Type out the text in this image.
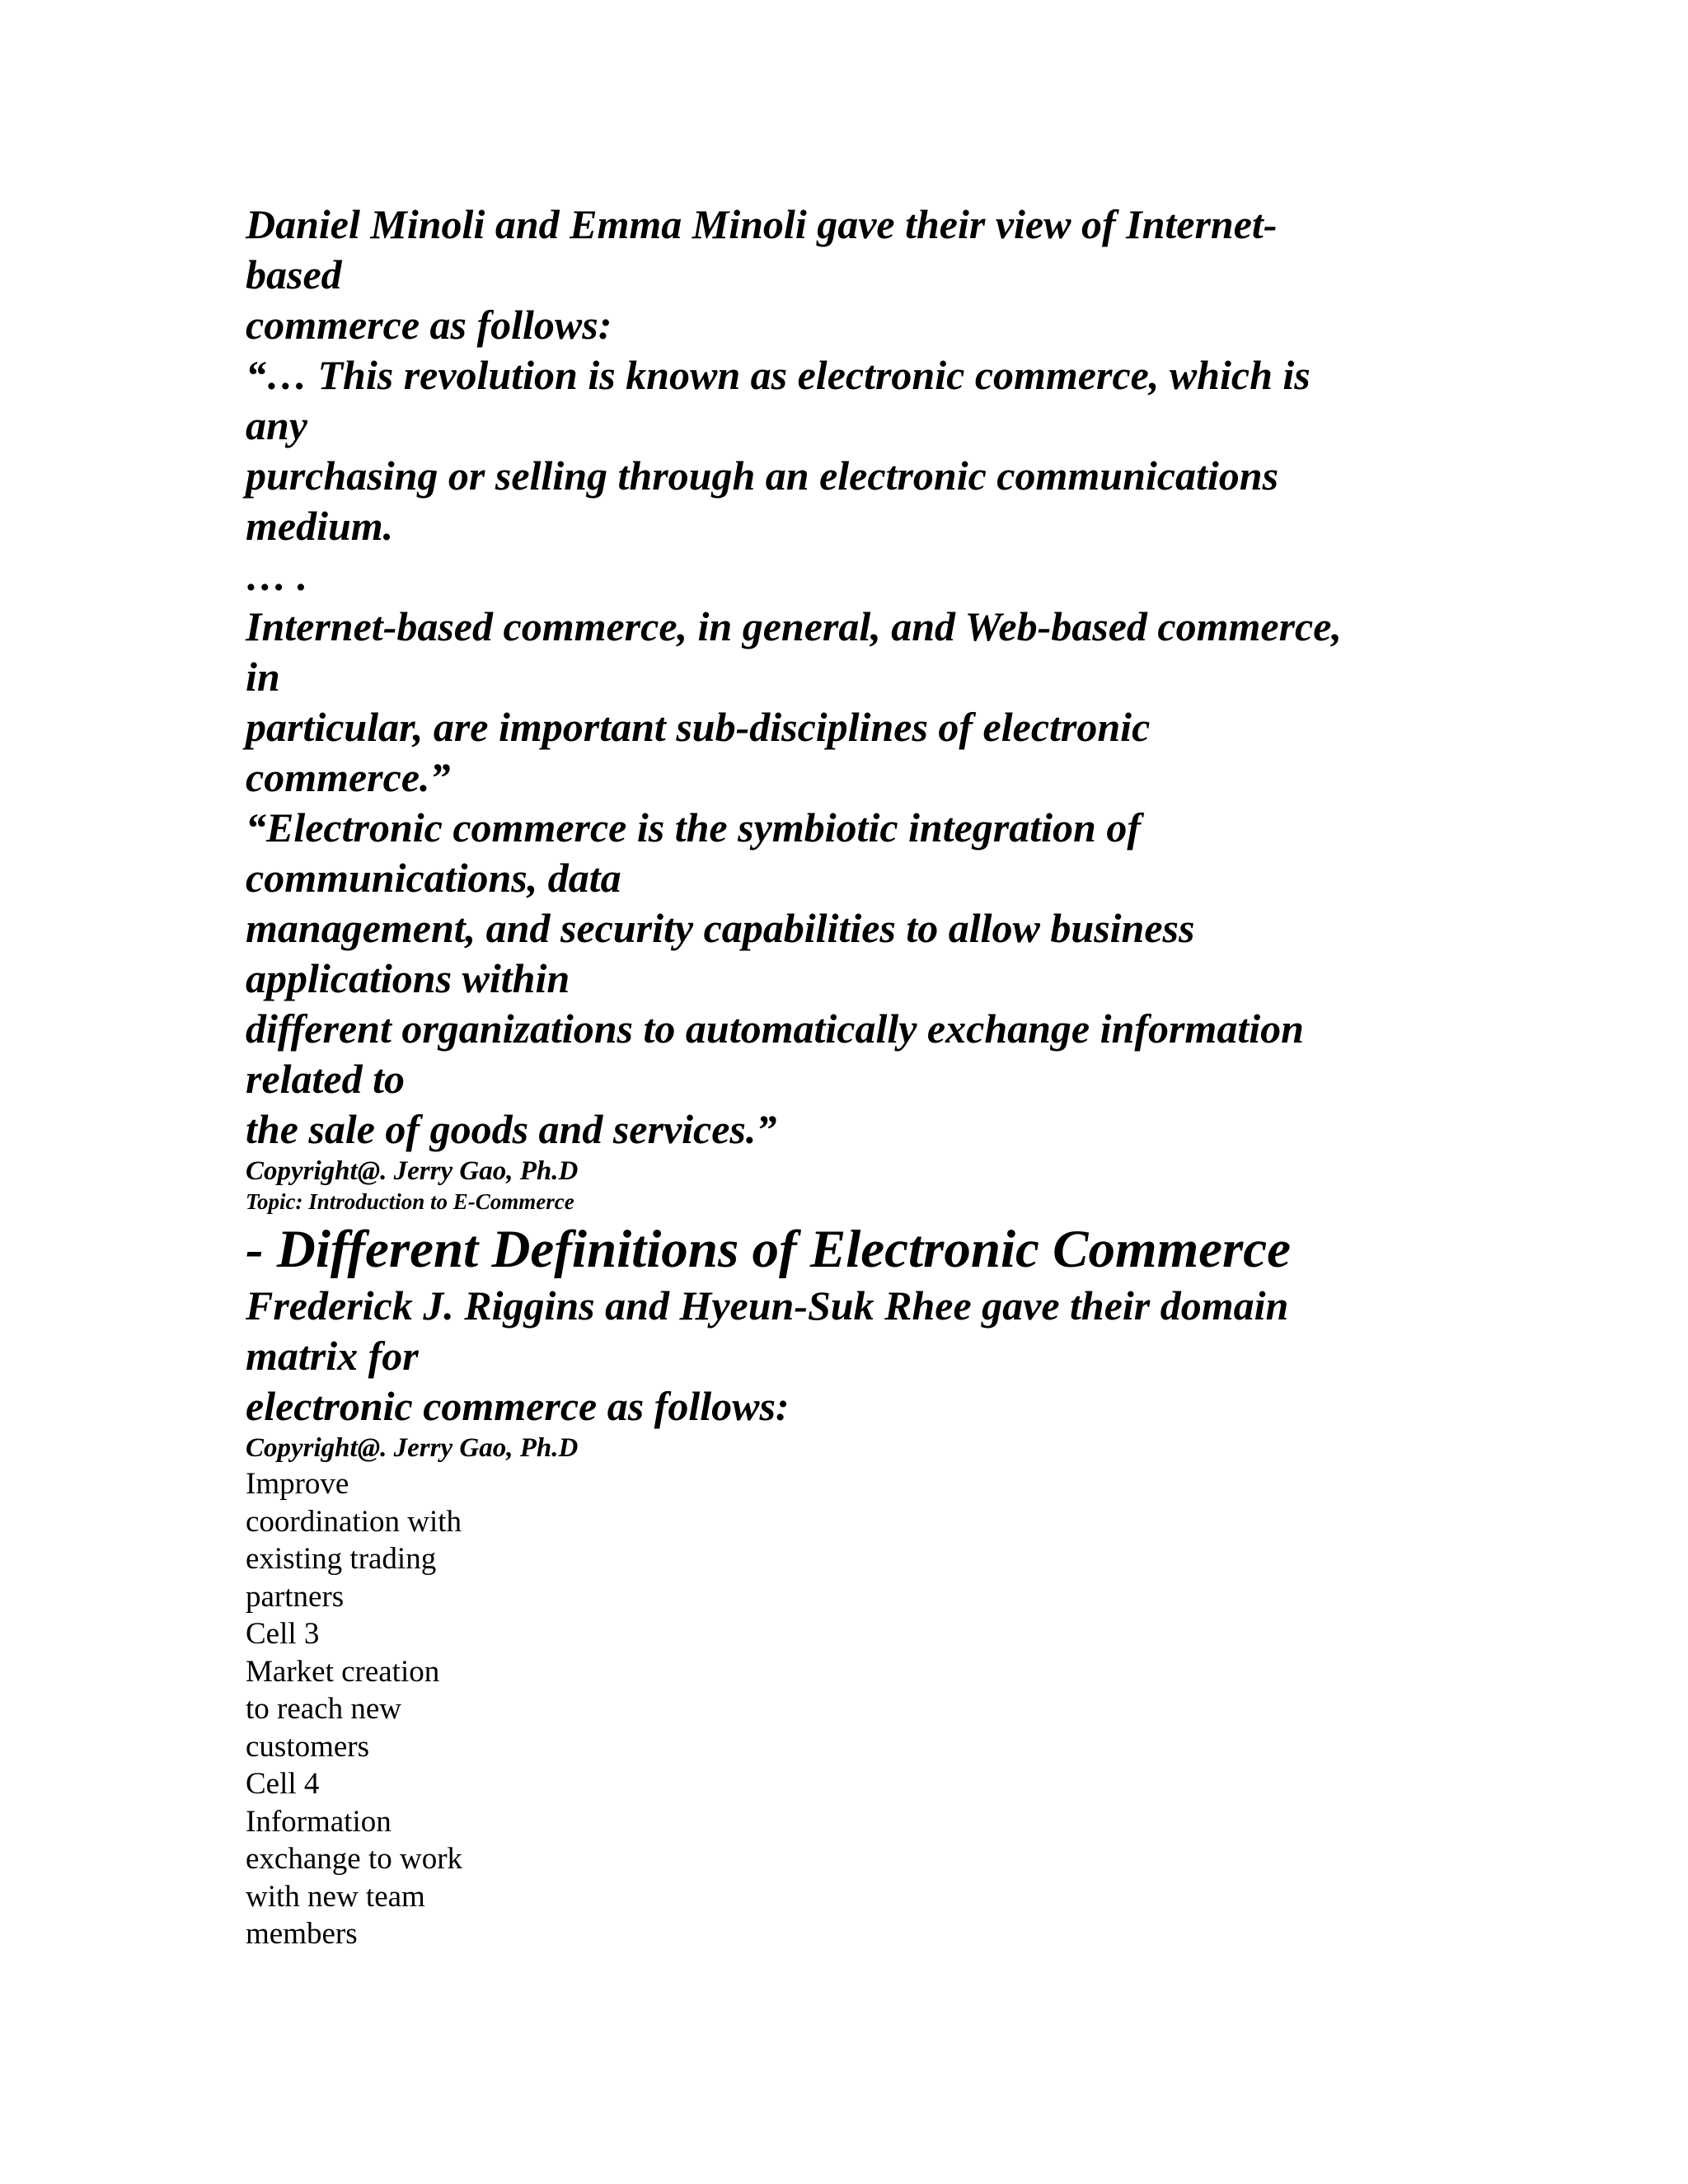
Daniel Minoli and Emma Minoli gave their view of Internet-
based
commerce as follows:
“… This revolution is known as electronic commerce, which is
any
purchasing or selling through an electronic communications
medium.
… .
Internet-based commerce, in general, and Web-based commerce,
in
particular, are important sub-disciplines of electronic
commerce.”
“Electronic commerce is the symbiotic integration of
communications, data
management, and security capabilities to allow business
applications within
different organizations to automatically exchange information
related to
the sale of goods and services.”
Copyright@. Jerry Gao, Ph.D
Topic: Introduction to E-Commerce
- Different Definitions of Electronic Commerce
Frederick J. Riggins and Hyeun-Suk Rhee gave their domain
matrix for
electronic commerce as follows:
Copyright@. Jerry Gao, Ph.D
Improve
coordination with
existing trading
partners
Cell 3
Market creation
to reach new
customers
Cell 4
Information
exchange to work
with new team
members
